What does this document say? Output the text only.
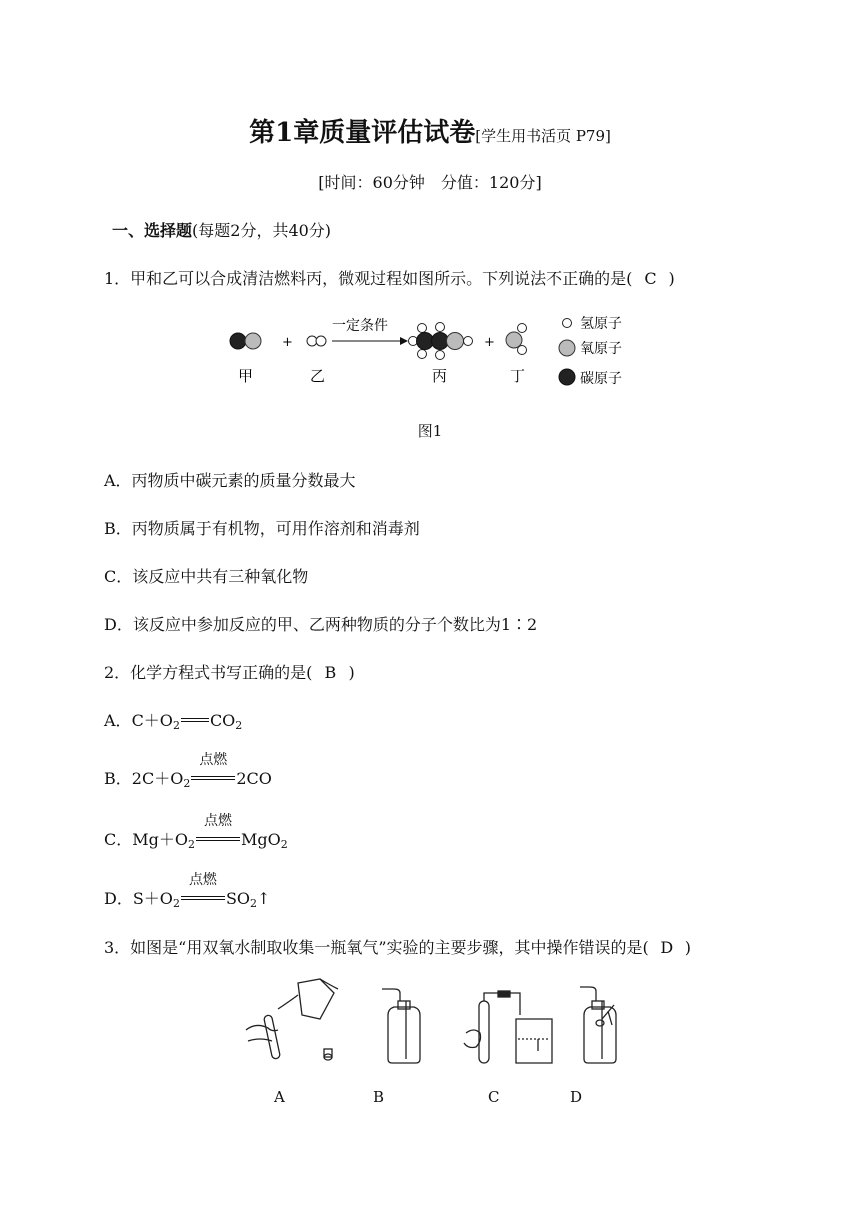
第1章质量评估试卷[学生用书活页 P79]
[时间：60分钟　分值：120分]
一、选择题(每题2分，共40分)
1．甲和乙可以合成清洁燃料丙，微观过程如图所示。下列说法不正确的是( C )
+
一定条件
+
甲	乙	丙	丁
氢原子
氧原子
碳原子
图1
A．丙物质中碳元素的质量分数最大
B．丙物质属于有机物，可用作溶剂和消毒剂
C．该反应中共有三种氧化物
D．该反应中参加反应的甲、乙两种物质的分子个数比为1∶2
2．化学方程式书写正确的是( B )
A．$C+O_2$ $CO_2$
B．$2C+O_2$
点燃
2CO
C．$Mg+O_2$
点燃
MgO$_2$
D．$S+O_2$
点燃
$SO_2↑$
3．如图是“用双氧水制取收集一瓶氧气”实验的主要步骤，其中操作错误的是( D )
A	B	C	D
